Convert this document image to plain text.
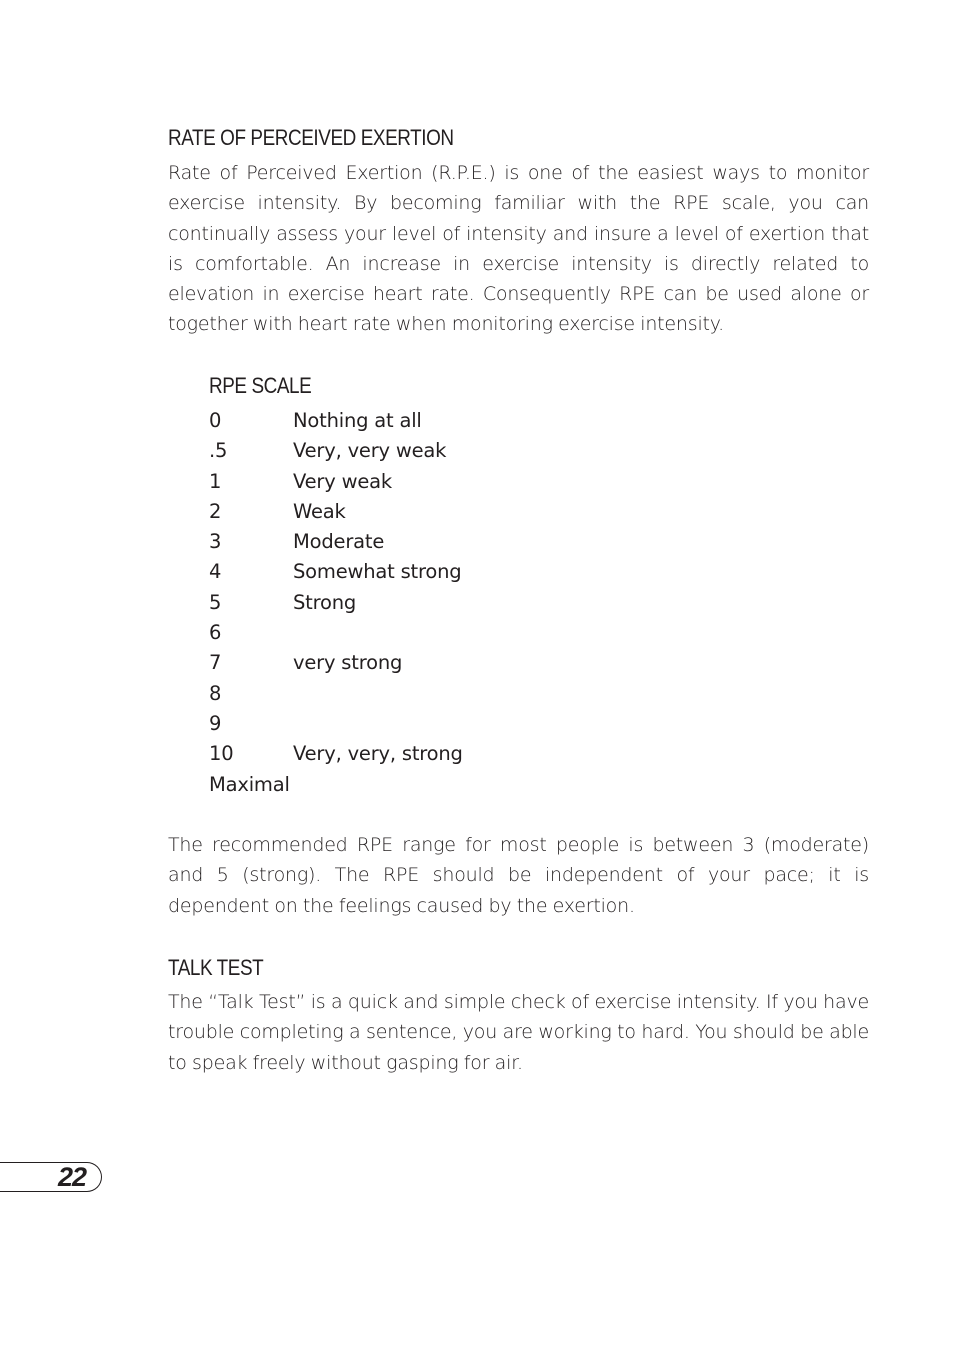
RATE OF PERCEIVED EXERTION

Rate of Perceived Exertion (R.P.E.) is one of the easiest ways to monitor exercise intensity. By becoming familiar with the RPE scale, you can continually assess your level of intensity and insure a level of exertion that is comfortable. An increase in exercise intensity is directly related to elevation in exercise heart rate. Consequently RPE can be used alone or together with heart rate when monitoring exercise intensity.

RPE SCALE
0	Nothing at all
.5	Very, very weak
1	Very weak
2	Weak
3	Moderate
4	Somewhat strong
5	Strong
6
7	very strong
8
9
10	Very, very, strong
Maximal

The recommended RPE range for most people is between 3 (moderate) and 5 (strong). The RPE should be independent of your pace; it is dependent on the feelings caused by the exertion.

TALK TEST

The “Talk Test” is a quick and simple check of exercise intensity. If you have trouble completing a sentence, you are working to hard. You should be able to speak freely without gasping for air.

22
